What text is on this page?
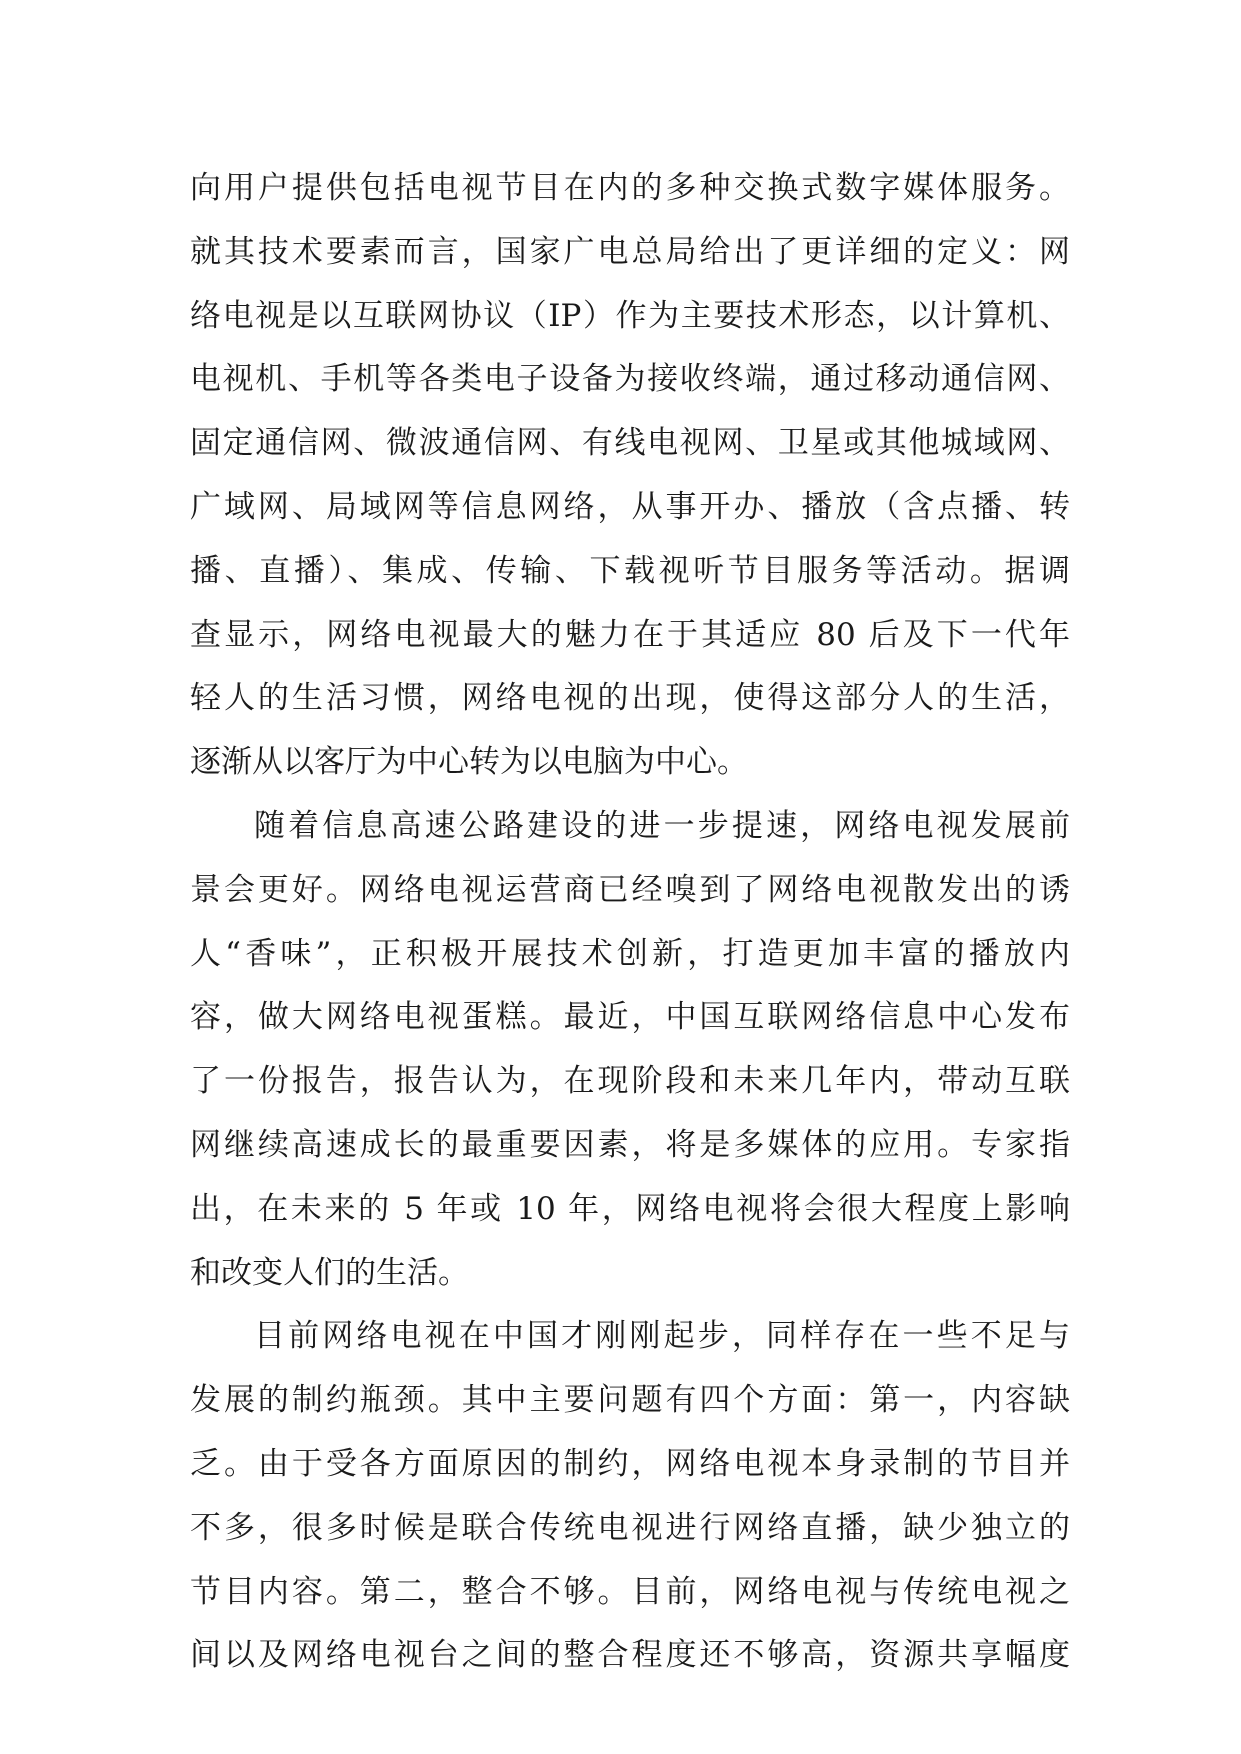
向用户提供包括电视节目在内的多种交换式数字媒体服务。
就其技术要素而言，国家广电总局给出了更详细的定义：网
络电视是以互联网协议（IP）作为主要技术形态，以计算机、
电视机、手机等各类电子设备为接收终端，通过移动通信网、
固定通信网、微波通信网、有线电视网、卫星或其他城域网、
广域网、局域网等信息网络，从事开办、播放（含点播、转
播、直播）、集成、传输、下载视听节目服务等活动。据调
查显示，网络电视最大的魅力在于其适应 80 后及下一代年
轻人的生活习惯，网络电视的出现，使得这部分人的生活，
逐渐从以客厅为中心转为以电脑为中心。
随着信息高速公路建设的进一步提速，网络电视发展前
景会更好。网络电视运营商已经嗅到了网络电视散发出的诱
人“香味”，正积极开展技术创新，打造更加丰富的播放内
容，做大网络电视蛋糕。最近，中国互联网络信息中心发布
了一份报告，报告认为，在现阶段和未来几年内，带动互联
网继续高速成长的最重要因素，将是多媒体的应用。专家指
出，在未来的 5 年或 10 年，网络电视将会很大程度上影响
和改变人们的生活。
目前网络电视在中国才刚刚起步，同样存在一些不足与
发展的制约瓶颈。其中主要问题有四个方面：第一，内容缺
乏。由于受各方面原因的制约，网络电视本身录制的节目并
不多，很多时候是联合传统电视进行网络直播，缺少独立的
节目内容。第二，整合不够。目前，网络电视与传统电视之
间以及网络电视台之间的整合程度还不够高，资源共享幅度
